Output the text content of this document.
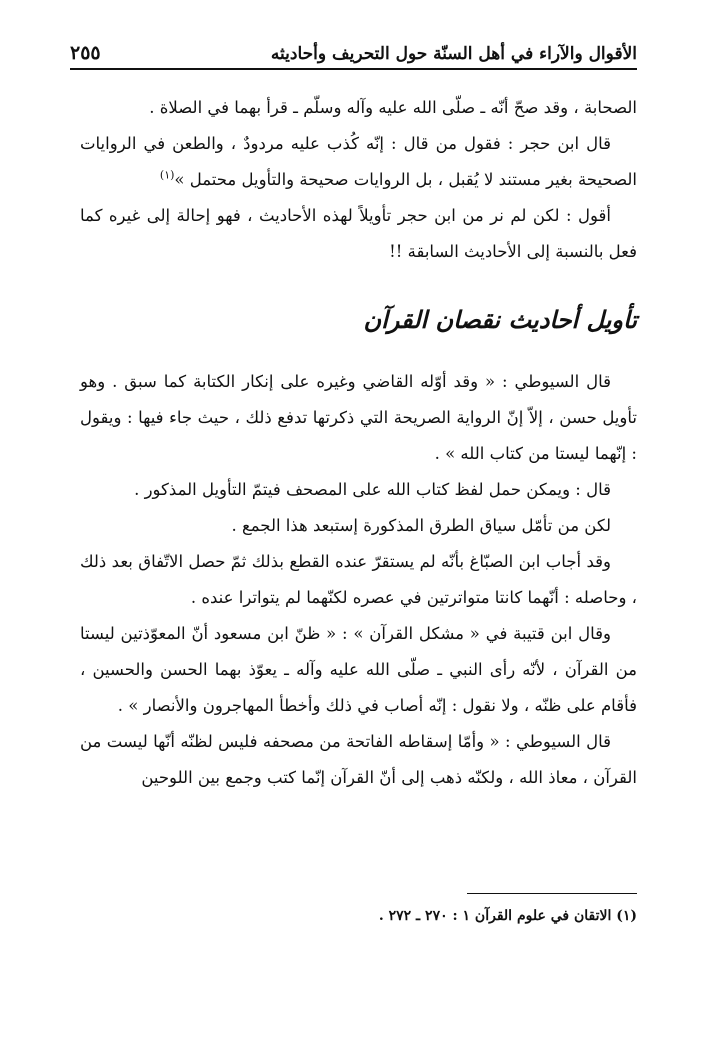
الأقوال والآراء في أهل السنّة حول التحريف وأحاديثه
٢٥٥

الصحابة ، وقد صحّ أنّه ـ صلّى الله عليه وآله وسلّم ـ قرأ بهما في الصلاة .

قال ابن حجر : فقول من قال : إنّه كُذب عليه مردودٌ ، والطعن في الروايات الصحيحة بغير مستند لا يُقبل ، بل الروايات صحيحة والتأويل محتمل »$^{(١)}$

أقول : لكن لم نر من ابن حجر تأويلاً لهذه الأحاديث ، فهو إحالة إلى غيره كما فعل بالنسبة إلى الأحاديث السابقة !!

تأويل أحاديث نقصان القرآن

قال السيوطي : « وقد أوّله القاضي وغيره على إنكار الكتابة كما سبق . وهو تأويل حسن ، إلاّ إنّ الرواية الصريحة التي ذكرتها تدفع ذلك ، حيث جاء فيها : ويقول : إنّهما ليستا من كتاب الله » .

قال : ويمكن حمل لفظ كتاب الله على المصحف فيتمّ التأويل المذكور .

لكن من تأمّل سياق الطرق المذكورة إستبعد هذا الجمع .

وقد أجاب ابن الصبّاغ بأنّه لم يستقرّ عنده القطع بذلك ثمّ حصل الاتّفاق بعد ذلك ، وحاصله : أنّهما كانتا متواترتين في عصره لكنّهما لم يتواترا عنده .

وقال ابن قتيبة في « مشكل القرآن » : « ظنّ ابن مسعود أنّ المعوّذتين ليستا من القرآن ، لأنّه رأى النبي ـ صلّى الله عليه وآله ـ يعوّذ بهما الحسن والحسين ، فأقام على ظنّه ، ولا نقول : إنّه أصاب في ذلك وأخطأ المهاجرون والأنصار » .

قال السيوطي : « وأمّا إسقاطه الفاتحة من مصحفه فليس لظنّه أنّها ليست من القرآن ، معاذ الله ، ولكنّه ذهب إلى أنّ القرآن إنّما كتب وجمع بين اللوحين

(١) الاتقان في علوم القرآن ١ : ٢٧٠ ـ ٢٧٢ .
